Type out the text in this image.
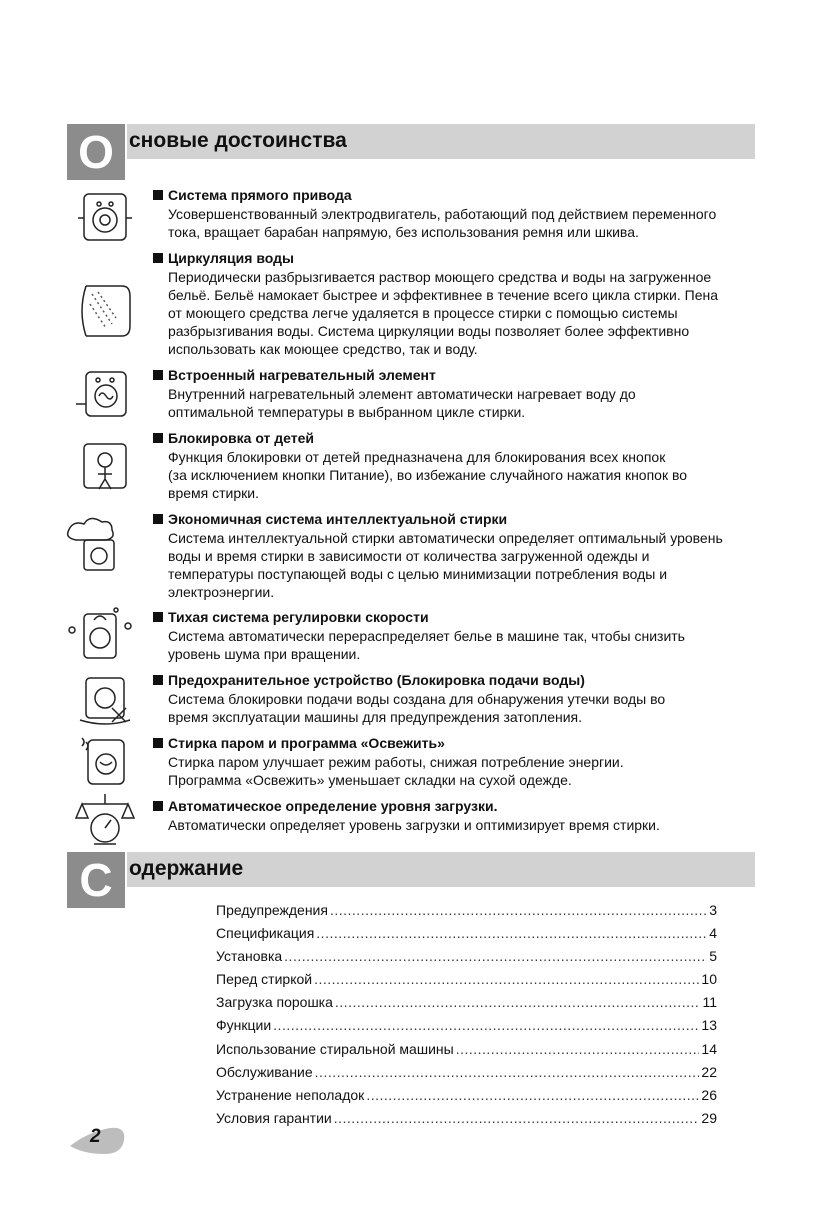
О сновые достоинства
Система прямого привода
Усовершенствованный электродвигатель, работающий под действием переменного
тока, вращает барабан напрямую, без использования ремня или шкива.
Циркуляция воды
Периодически разбрызгивается раствор моющего средства и воды на загруженное
бельё. Бельё намокает быстрее и эффективнее в течение всего цикла стирки. Пена
от моющего средства легче удаляется в процессе стирки с помощью системы
разбрызгивания воды. Система циркуляции воды позволяет более эффективно
использовать как моющее средство, так и воду.
Встроенный нагревательный элемент
Внутренний нагревательный элемент автоматически нагревает воду до
оптимальной температуры в выбранном цикле стирки.
Блокировка от детей
Функция блокировки от детей предназначена для блокирования всех кнопок
(за исключением кнопки Питание), во избежание случайного нажатия кнопок во
время стирки.
Экономичная система интеллектуальной стирки
Система интеллектуальной стирки автоматически определяет оптимальный уровень
воды и время стирки в зависимости от количества загруженной одежды и
температуры поступающей воды с целью минимизации потребления воды и
электроэнергии.
Тихая система регулировки скорости
Система автоматически перераспределяет белье в машине так, чтобы снизить
уровень шума при вращении.
Предохранительное устройство (Блокировка подачи воды)
Система блокировки подачи воды создана для обнаружения утечки воды во
время эксплуатации машины для предупреждения затопления.
Стирка паром и программа «Освежить»
Стирка паром улучшает режим работы, снижая потребление энергии.
Программа «Освежить» уменьшает складки на сухой одежде.
Автоматическое определение уровня загрузки.
Автоматически определяет уровень загрузки и оптимизирует время стирки.
С одержание
Предупреждения .....	3
Спецификация .....	4
Установка .....	5
Перед стиркой .....	10
Загрузка порошка .....	11
Функции .....	13
Использование стиральной машины .....	14
Обслуживание .....	22
Устранение неполадок .....	26
Условия гарантии .....	29
2
